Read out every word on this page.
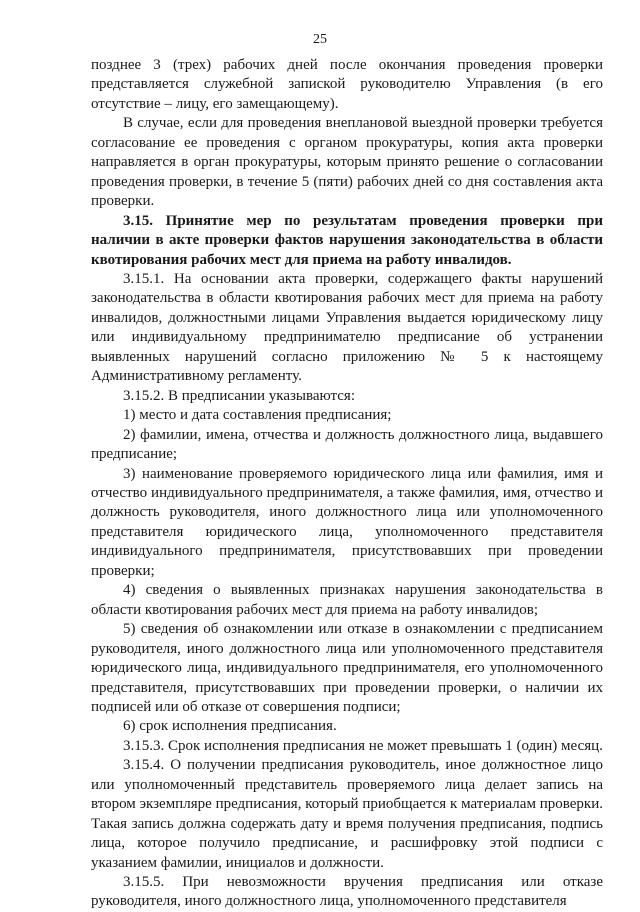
25

позднее 3 (трех) рабочих дней после окончания проведения проверки представляется служебной запиской руководителю Управления (в его отсутствие – лицу, его замещающему).

В случае, если для проведения внеплановой выездной проверки требуется согласование ее проведения с органом прокуратуры, копия акта проверки направляется в орган прокуратуры, которым принято решение о согласовании проведения проверки, в течение 5 (пяти) рабочих дней со дня составления акта проверки.

3.15. Принятие мер по результатам проведения проверки при наличии в акте проверки фактов нарушения законодательства в области квотирования рабочих мест для приема на работу инвалидов.

3.15.1. На основании акта проверки, содержащего факты нарушений законодательства в области квотирования рабочих мест для приема на работу инвалидов, должностными лицами Управления выдается юридическому лицу или индивидуальному предпринимателю предписание об устранении выявленных нарушений согласно приложению № 5 к настоящему Административному регламенту.

3.15.2. В предписании указываются:

1) место и дата составления предписания;

2) фамилии, имена, отчества и должность должностного лица, выдавшего предписание;

3) наименование проверяемого юридического лица или фамилия, имя и отчество индивидуального предпринимателя, а также фамилия, имя, отчество и должность руководителя, иного должностного лица или уполномоченного представителя юридического лица, уполномоченного представителя индивидуального предпринимателя, присутствовавших при проведении проверки;

4) сведения о выявленных признаках нарушения законодательства в области квотирования рабочих мест для приема на работу инвалидов;

5) сведения об ознакомлении или отказе в ознакомлении с предписанием руководителя, иного должностного лица или уполномоченного представителя юридического лица, индивидуального предпринимателя, его уполномоченного представителя, присутствовавших при проведении проверки, о наличии их подписей или об отказе от совершения подписи;

6) срок исполнения предписания.

3.15.3. Срок исполнения предписания не может превышать 1 (один) месяц.

3.15.4. О получении предписания руководитель, иное должностное лицо или уполномоченный представитель проверяемого лица делает запись на втором экземпляре предписания, который приобщается к материалам проверки. Такая запись должна содержать дату и время получения предписания, подпись лица, которое получило предписание, и расшифровку этой подписи с указанием фамилии, инициалов и должности.

3.15.5. При невозможности вручения предписания или отказе руководителя, иного должностного лица, уполномоченного представителя
